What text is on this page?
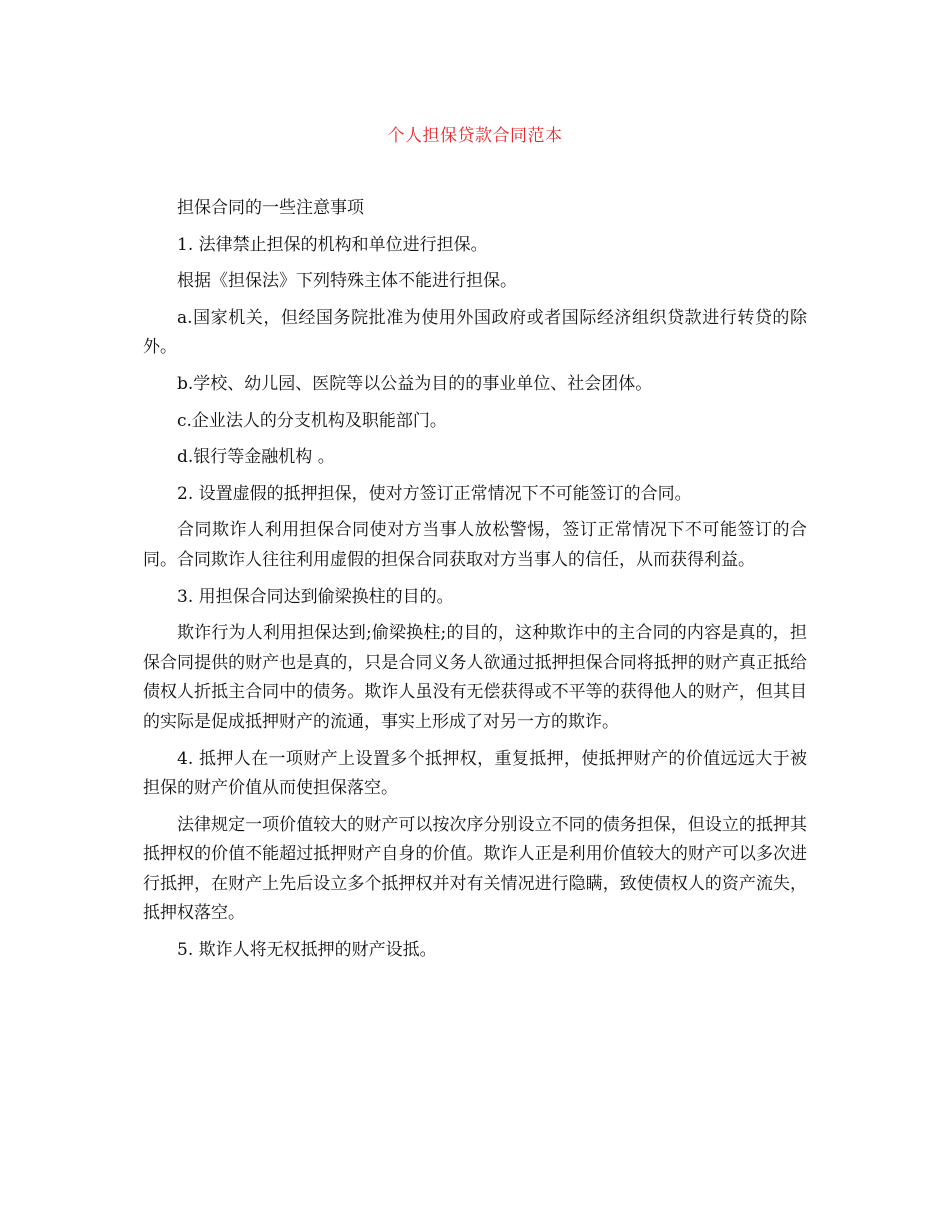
个人担保贷款合同范本

担保合同的一些注意事项

1. 法律禁止担保的机构和单位进行担保。

根据《担保法》下列特殊主体不能进行担保。

a.国家机关，但经国务院批准为使用外国政府或者国际经济组织贷款进行转贷的除外。

b.学校、幼儿园、医院等以公益为目的的事业单位、社会团体。

c.企业法人的分支机构及职能部门。

d.银行等金融机构 。

2. 设置虚假的抵押担保，使对方签订正常情况下不可能签订的合同。

合同欺诈人利用担保合同使对方当事人放松警惕，签订正常情况下不可能签订的合同。合同欺诈人往往利用虚假的担保合同获取对方当事人的信任，从而获得利益。

3. 用担保合同达到偷梁换柱的目的。

欺诈行为人利用担保达到;偷梁换柱;的目的，这种欺诈中的主合同的内容是真的，担保合同提供的财产也是真的，只是合同义务人欲通过抵押担保合同将抵押的财产真正抵给债权人折抵主合同中的债务。欺诈人虽没有无偿获得或不平等的获得他人的财产，但其目的实际是促成抵押财产的流通，事实上形成了对另一方的欺诈。

4. 抵押人在一项财产上设置多个抵押权，重复抵押，使抵押财产的价值远远大于被担保的财产价值从而使担保落空。

法律规定一项价值较大的财产可以按次序分别设立不同的债务担保，但设立的抵押其抵押权的价值不能超过抵押财产自身的价值。欺诈人正是利用价值较大的财产可以多次进行抵押，在财产上先后设立多个抵押权并对有关情况进行隐瞒，致使债权人的资产流失，抵押权落空。

5. 欺诈人将无权抵押的财产设抵。
